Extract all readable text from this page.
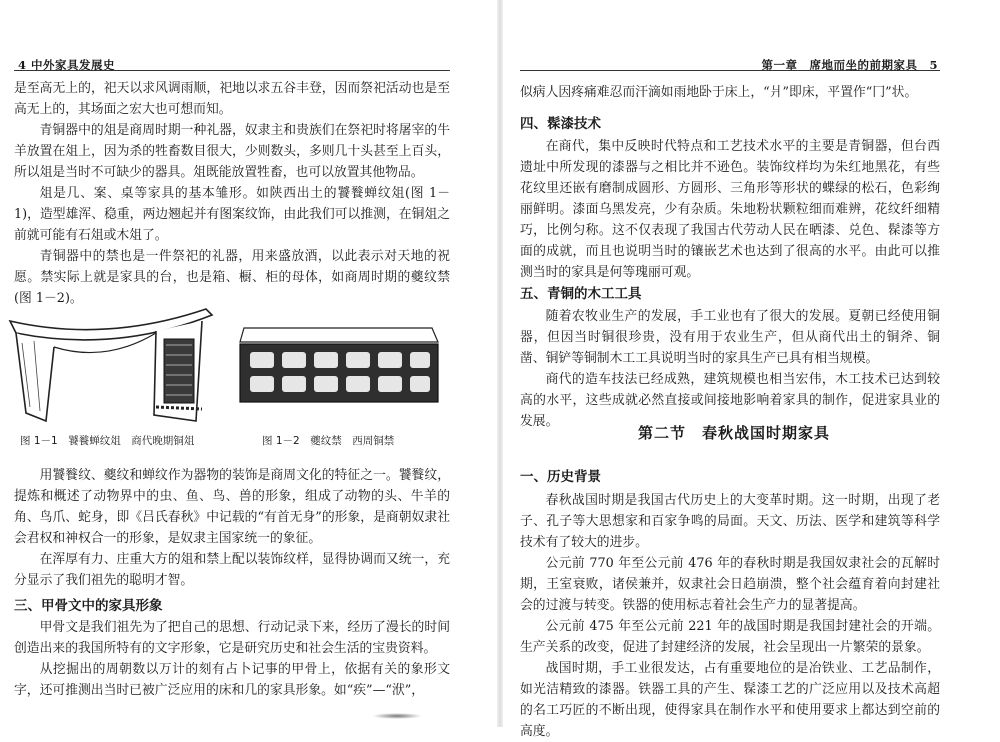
4 中外家具发展史

是至高无上的，祀天以求风调雨顺，祀地以求五谷丰登，因而祭祀活动也是至高无上的，其场面之宏大也可想而知。

青铜器中的俎是商周时期一种礼器，奴隶主和贵族们在祭祀时将屠宰的牛羊放置在俎上，因为杀的牲畜数目很大，少则数头，多则几十头甚至上百头，所以俎是当时不可缺少的器具。俎既能放置牲畜，也可以放置其他物品。

俎是几、案、桌等家具的基本雏形。如陕西出土的饕餮蝉纹俎(图 1－1)，造型雄浑、稳重，两边翘起并有图案纹饰，由此我们可以推测，在铜俎之前就可能有石俎或木俎了。

青铜器中的禁也是一件祭祀的礼器，用来盛放酒，以此表示对天地的祝愿。禁实际上就是家具的台，也是箱、橱、柜的母体，如商周时期的夔纹禁(图 1－2)。

图 1－1　饕餮蝉纹俎　商代晚期铜俎	图 1－2　夔纹禁　西周铜禁

用饕餮纹、夔纹和蝉纹作为器物的装饰是商周文化的特征之一。饕餮纹，提炼和概述了动物界中的虫、鱼、鸟、兽的形象，组成了动物的头、牛羊的角、鸟爪、蛇身，即《吕氏春秋》中记载的“有首无身”的形象，是商朝奴隶社会君权和神权合一的形象，是奴隶主国家统一的象征。

在浑厚有力、庄重大方的俎和禁上配以装饰纹样，显得协调而又统一，充分显示了我们祖先的聪明才智。

三、甲骨文中的家具形象

甲骨文是我们祖先为了把自己的思想、行动记录下来，经历了漫长的时间创造出来的我国所特有的文字形象，它是研究历史和社会生活的宝贵资料。

从挖掘出的周朝数以万计的刻有占卜记事的甲骨上，依据有关的象形文字，还可推测出当时已被广泛应用的床和几的家具形象。如“疾”—“洑”，

第一章　席地而坐的前期家具　5

似病人因疼痛难忍而汗滴如雨地卧于床上，“爿”即床，平置作“冂”状。

四、髹漆技术

在商代，集中反映时代特点和工艺技术水平的主要是青铜器，但台西遗址中所发现的漆器与之相比并不逊色。装饰纹样均为朱红地黑花，有些花纹里还嵌有磨制成圆形、方圆形、三角形等形状的蝶绿的松石，色彩绚丽鲜明。漆面乌黑发亮，少有杂质。朱地粉状颗粒细而难辨，花纹纤细精巧，比例匀称。这不仅表现了我国古代劳动人民在晒漆、兑色、髹漆等方面的成就，而且也说明当时的镶嵌艺术也达到了很高的水平。由此可以推测当时的家具是何等瑰丽可观。

五、青铜的木工工具

随着农牧业生产的发展，手工业也有了很大的发展。夏朝已经使用铜器，但因当时铜很珍贵，没有用于农业生产，但从商代出土的铜斧、铜凿、铜铲等铜制木工工具说明当时的家具生产已具有相当规模。

商代的造车技法已经成熟，建筑规模也相当宏伟，木工技术已达到较高的水平，这些成就必然直接或间接地影响着家具的制作，促进家具业的发展。

第二节　春秋战国时期家具
一、历史背景

春秋战国时期是我国古代历史上的大变革时期。这一时期，出现了老子、孔子等大思想家和百家争鸣的局面。天文、历法、医学和建筑等科学技术有了较大的进步。

公元前 770 年至公元前 476 年的春秋时期是我国奴隶社会的瓦解时期，王室衰败，诸侯兼并，奴隶社会日趋崩溃，整个社会蕴育着向封建社会的过渡与转变。铁器的使用标志着社会生产力的显著提高。

公元前 475 年至公元前 221 年的战国时期是我国封建社会的开端。生产关系的改变，促进了封建经济的发展，社会呈现出一片繁荣的景象。

战国时期，手工业很发达，占有重要地位的是冶铁业、工艺品制作，如光洁精致的漆器。铁器工具的产生、髹漆工艺的广泛应用以及技术高超的名工巧匠的不断出现，使得家具在制作水平和使用要求上都达到空前的高度。
